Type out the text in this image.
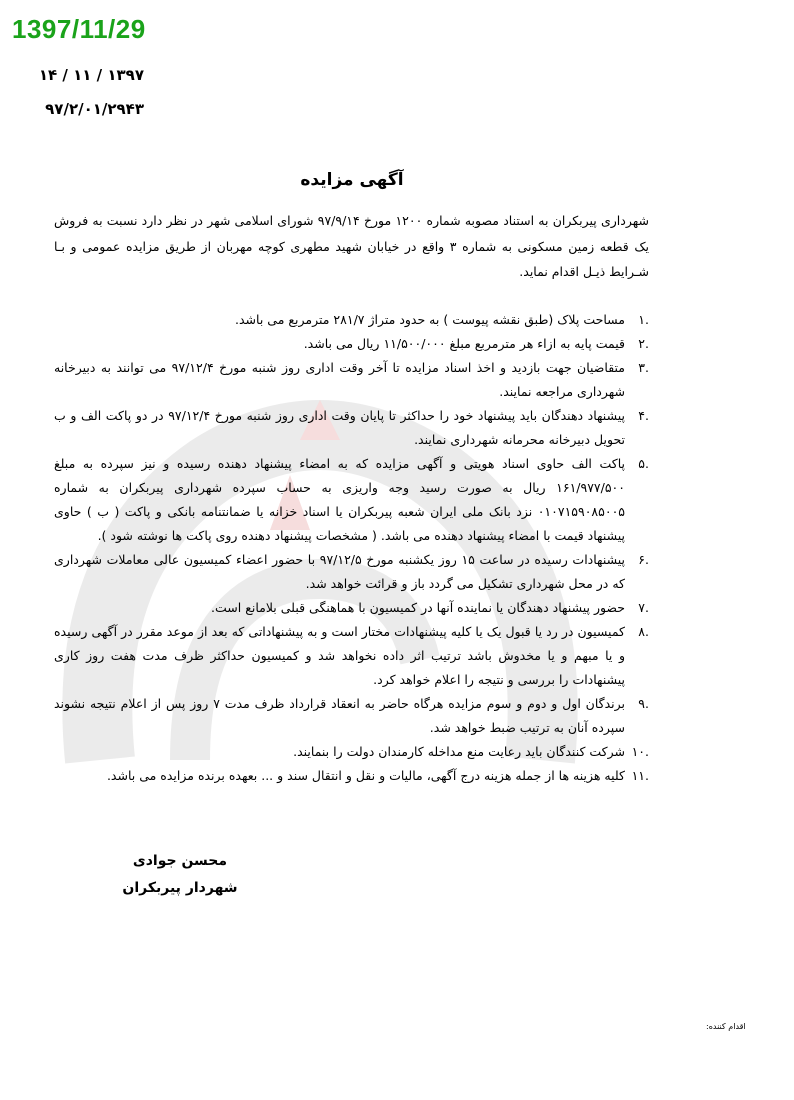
1397/11/29
۱۳۹۷ / ۱۱ / ۱۴
۹۷/۲/۰۱/۲۹۴۳
آگهی مزایده
شهرداری پیربکران به استناد مصوبه شماره ۱۲۰۰ مورخ ۹۷/۹/۱۴ شورای اسلامی شهر در نظر دارد نسبت به فروش یک قطعه زمین مسکونی به شماره ۳ واقع در خیابان شهید مطهری کوچه مهربان از طریق مزایده عمومی و بـا شـرایط ذیـل اقدام نماید.
.۱
مساحت پلاک (طبق نقشه پیوست ) به حدود متراژ ۲۸۱/۷ مترمربع می باشد.
.۲
قیمت پایه به ازاء هر مترمربع مبلغ ۱۱/۵۰۰/۰۰۰ ریال می باشد.
.۳
متقاضیان جهت بازدید و اخذ اسناد مزایده تا آخر وقت اداری روز شنبه مورخ ۹۷/۱۲/۴ می توانند به دبیرخانه شهرداری مراجعه نمایند.
.۴
پیشنهاد دهندگان باید پیشنهاد خود را حداکثر تا پایان وقت اداری روز شنبه مورخ ۹۷/۱۲/۴ در دو پاکت الف و ب تحویل دبیرخانه محرمانه شهرداری نمایند.
.۵
پاکت الف حاوی اسناد هویتی و آگهی مزایده که به امضاء پیشنهاد دهنده رسیده و نیز سپرده به مبلغ ۱۶۱/۹۷۷/۵۰۰ ریال به صورت رسید وجه واریزی به حساب سپرده شهرداری پیربکران به شماره ۰۱۰۷۱۵۹۰۸۵۰۰۵ نزد بانک ملی ایران شعبه پیربکران یا اسناد خزانه یا ضمانتنامه بانکی و پاکت ( ب ) حاوی پیشنهاد قیمت با امضاء پیشنهاد دهنده می باشد. ( مشخصات پیشنهاد دهنده روی پاکت ها نوشته شود ).
.۶
پیشنهادات رسیده در ساعت ۱۵ روز یکشنبه مورخ ۹۷/۱۲/۵ با حضور اعضاء کمیسیون عالی معاملات شهرداری که در محل شهرداری تشکیل می گردد باز و قرائت خواهد شد.
.۷
حضور پیشنهاد دهندگان یا نماینده آنها در کمیسیون با هماهنگی قبلی بلامانع است.
.۸
کمیسیون در رد یا قبول یک یا کلیه پیشنهادات مختار است و به پیشنهاداتی که بعد از موعد مقرر در آگهی رسیده و یا مبهم و یا مخدوش باشد ترتیب اثر داده نخواهد شد و کمیسیون حداکثر ظرف مدت هفت روز کاری پیشنهادات را بررسی و نتیجه را اعلام خواهد کرد.
.۹
برندگان اول و دوم و سوم مزایده هرگاه حاضر به انعقاد قرارداد ظرف مدت ۷ روز پس از اعلام نتیجه نشوند سپرده آنان به ترتیب ضبط خواهد شد.
.۱۰
شرکت کنندگان باید رعایت منع مداخله کارمندان دولت را بنمایند.
.۱۱
کلیه هزینه ها از جمله هزینه درج آگهی، مالیات و نقل و انتقال سند و ... بعهده برنده مزایده می باشد.
محسن جوادی
شهردار پیربکران
اقدام کننده:
